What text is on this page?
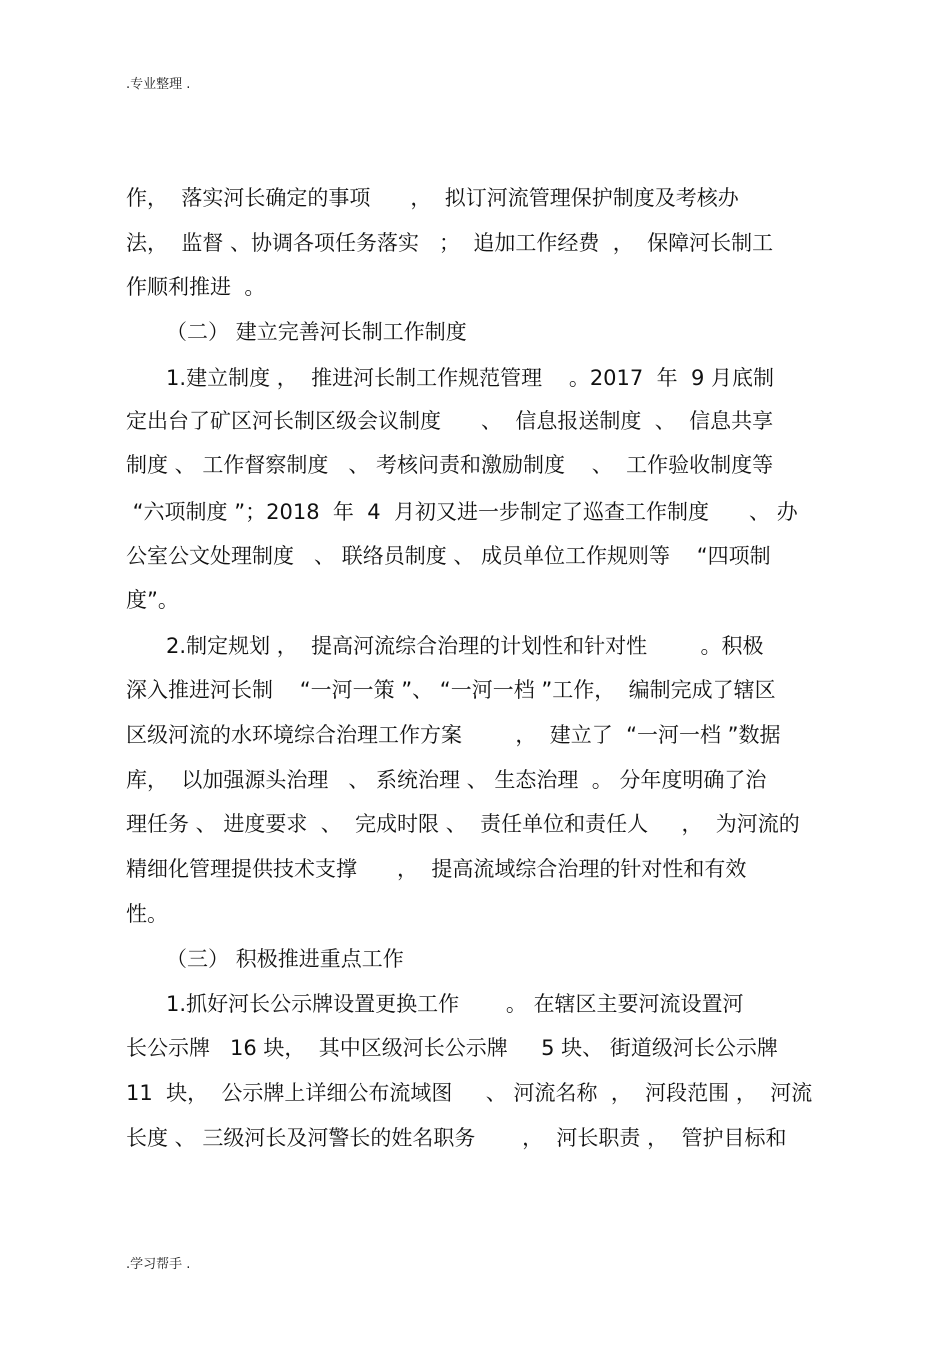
.专业整理 .
作，  落实河长确定的事项      ，  拟订河流管理保护制度及考核办
法，  监督 、协调各项任务落实   ；  追加工作经费  ，  保障河长制工
作顺利推进  。
（二） 建立完善河长制工作制度
1.建立制度 ，  推进河长制工作规范管理    。2017  年  9 月底制
定出台了矿区河长制区级会议制度      、  信息报送制度  、  信息共享
制度 、 工作督察制度   、 考核问责和激励制度    、  工作验收制度等
“六项制度 ”；2018  年  4  月初又进一步制定了巡查工作制度      、 办
公室公文处理制度   、 联络员制度 、 成员单位工作规则等    “四项制
度”。
2.制定规划 ，  提高河流综合治理的计划性和针对性        。积极
深入推进河长制    “一河一策 ”、 “一河一档 ”工作，  编制完成了辖区
区级河流的水环境综合治理工作方案        ，  建立了  “一河一档 ”数据
库，  以加强源头治理   、 系统治理 、 生态治理  。 分年度明确了治
理任务 、 进度要求  、  完成时限 、  责任单位和责任人     ，  为河流的
精细化管理提供技术支撑      ，  提高流域综合治理的针对性和有效
性。
（三） 积极推进重点工作
1.抓好河长公示牌设置更换工作       。 在辖区主要河流设置河
长公示牌   16 块，  其中区级河长公示牌     5 块、 街道级河长公示牌
11  块，  公示牌上详细公布流域图     、 河流名称  ，  河段范围 ，  河流
长度 、 三级河长及河警长的姓名职务       ，  河长职责 ，  管护目标和
.学习帮手 .
